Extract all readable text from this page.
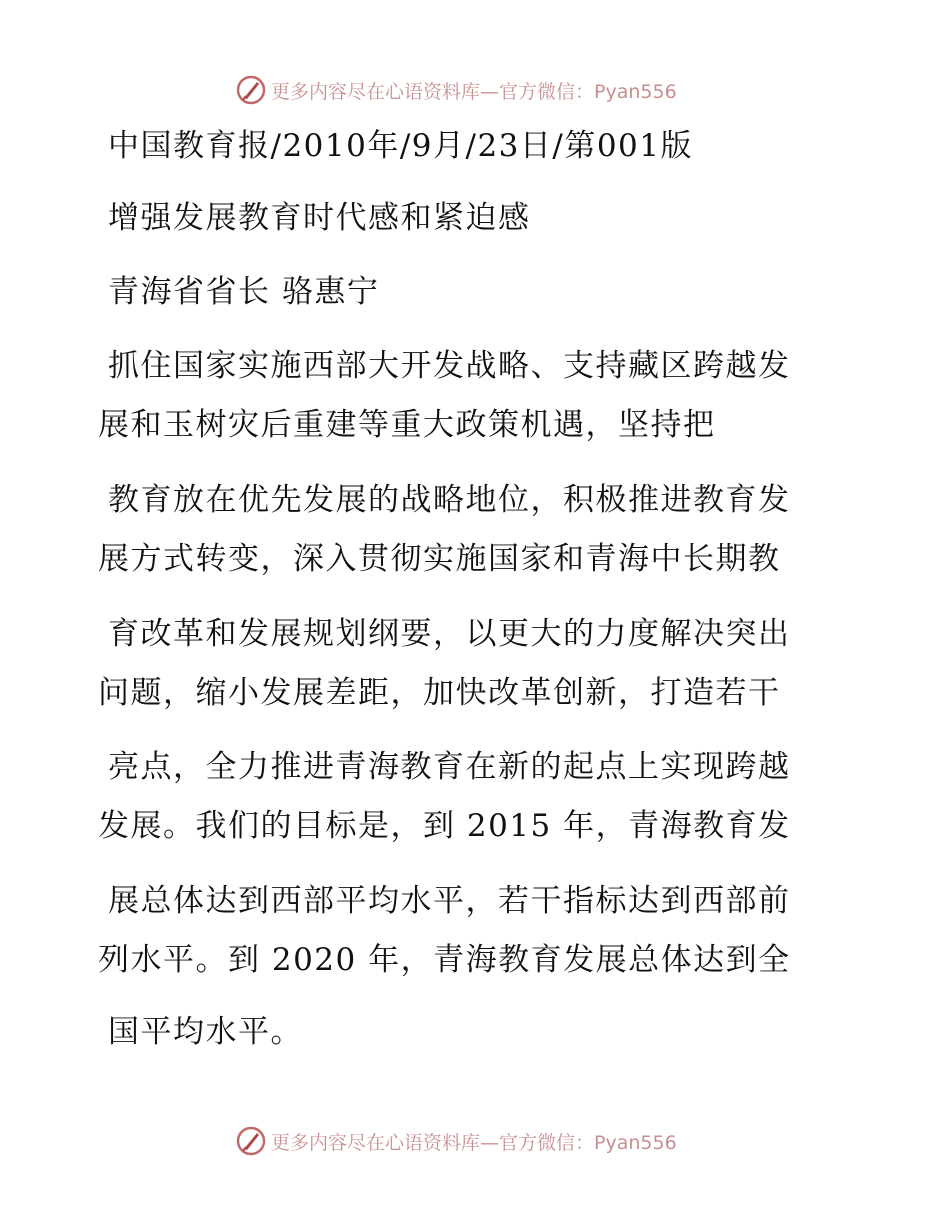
更多内容尽在心语资料库—官方微信：Pyan556
中国教育报/2010年/9月/23日/第001版
增强发展教育时代感和紧迫感
青海省省长 骆惠宁
抓住国家实施西部大开发战略、支持藏区跨越发
展和玉树灾后重建等重大政策机遇，坚持把
教育放在优先发展的战略地位，积极推进教育发
展方式转变，深入贯彻实施国家和青海中长期教
育改革和发展规划纲要，以更大的力度解决突出
问题，缩小发展差距，加快改革创新，打造若干
亮点，全力推进青海教育在新的起点上实现跨越
发展。我们的目标是，到 2015 年，青海教育发
展总体达到西部平均水平，若干指标达到西部前
列水平。到 2020 年，青海教育发展总体达到全
国平均水平。
更多内容尽在心语资料库—官方微信：Pyan556
